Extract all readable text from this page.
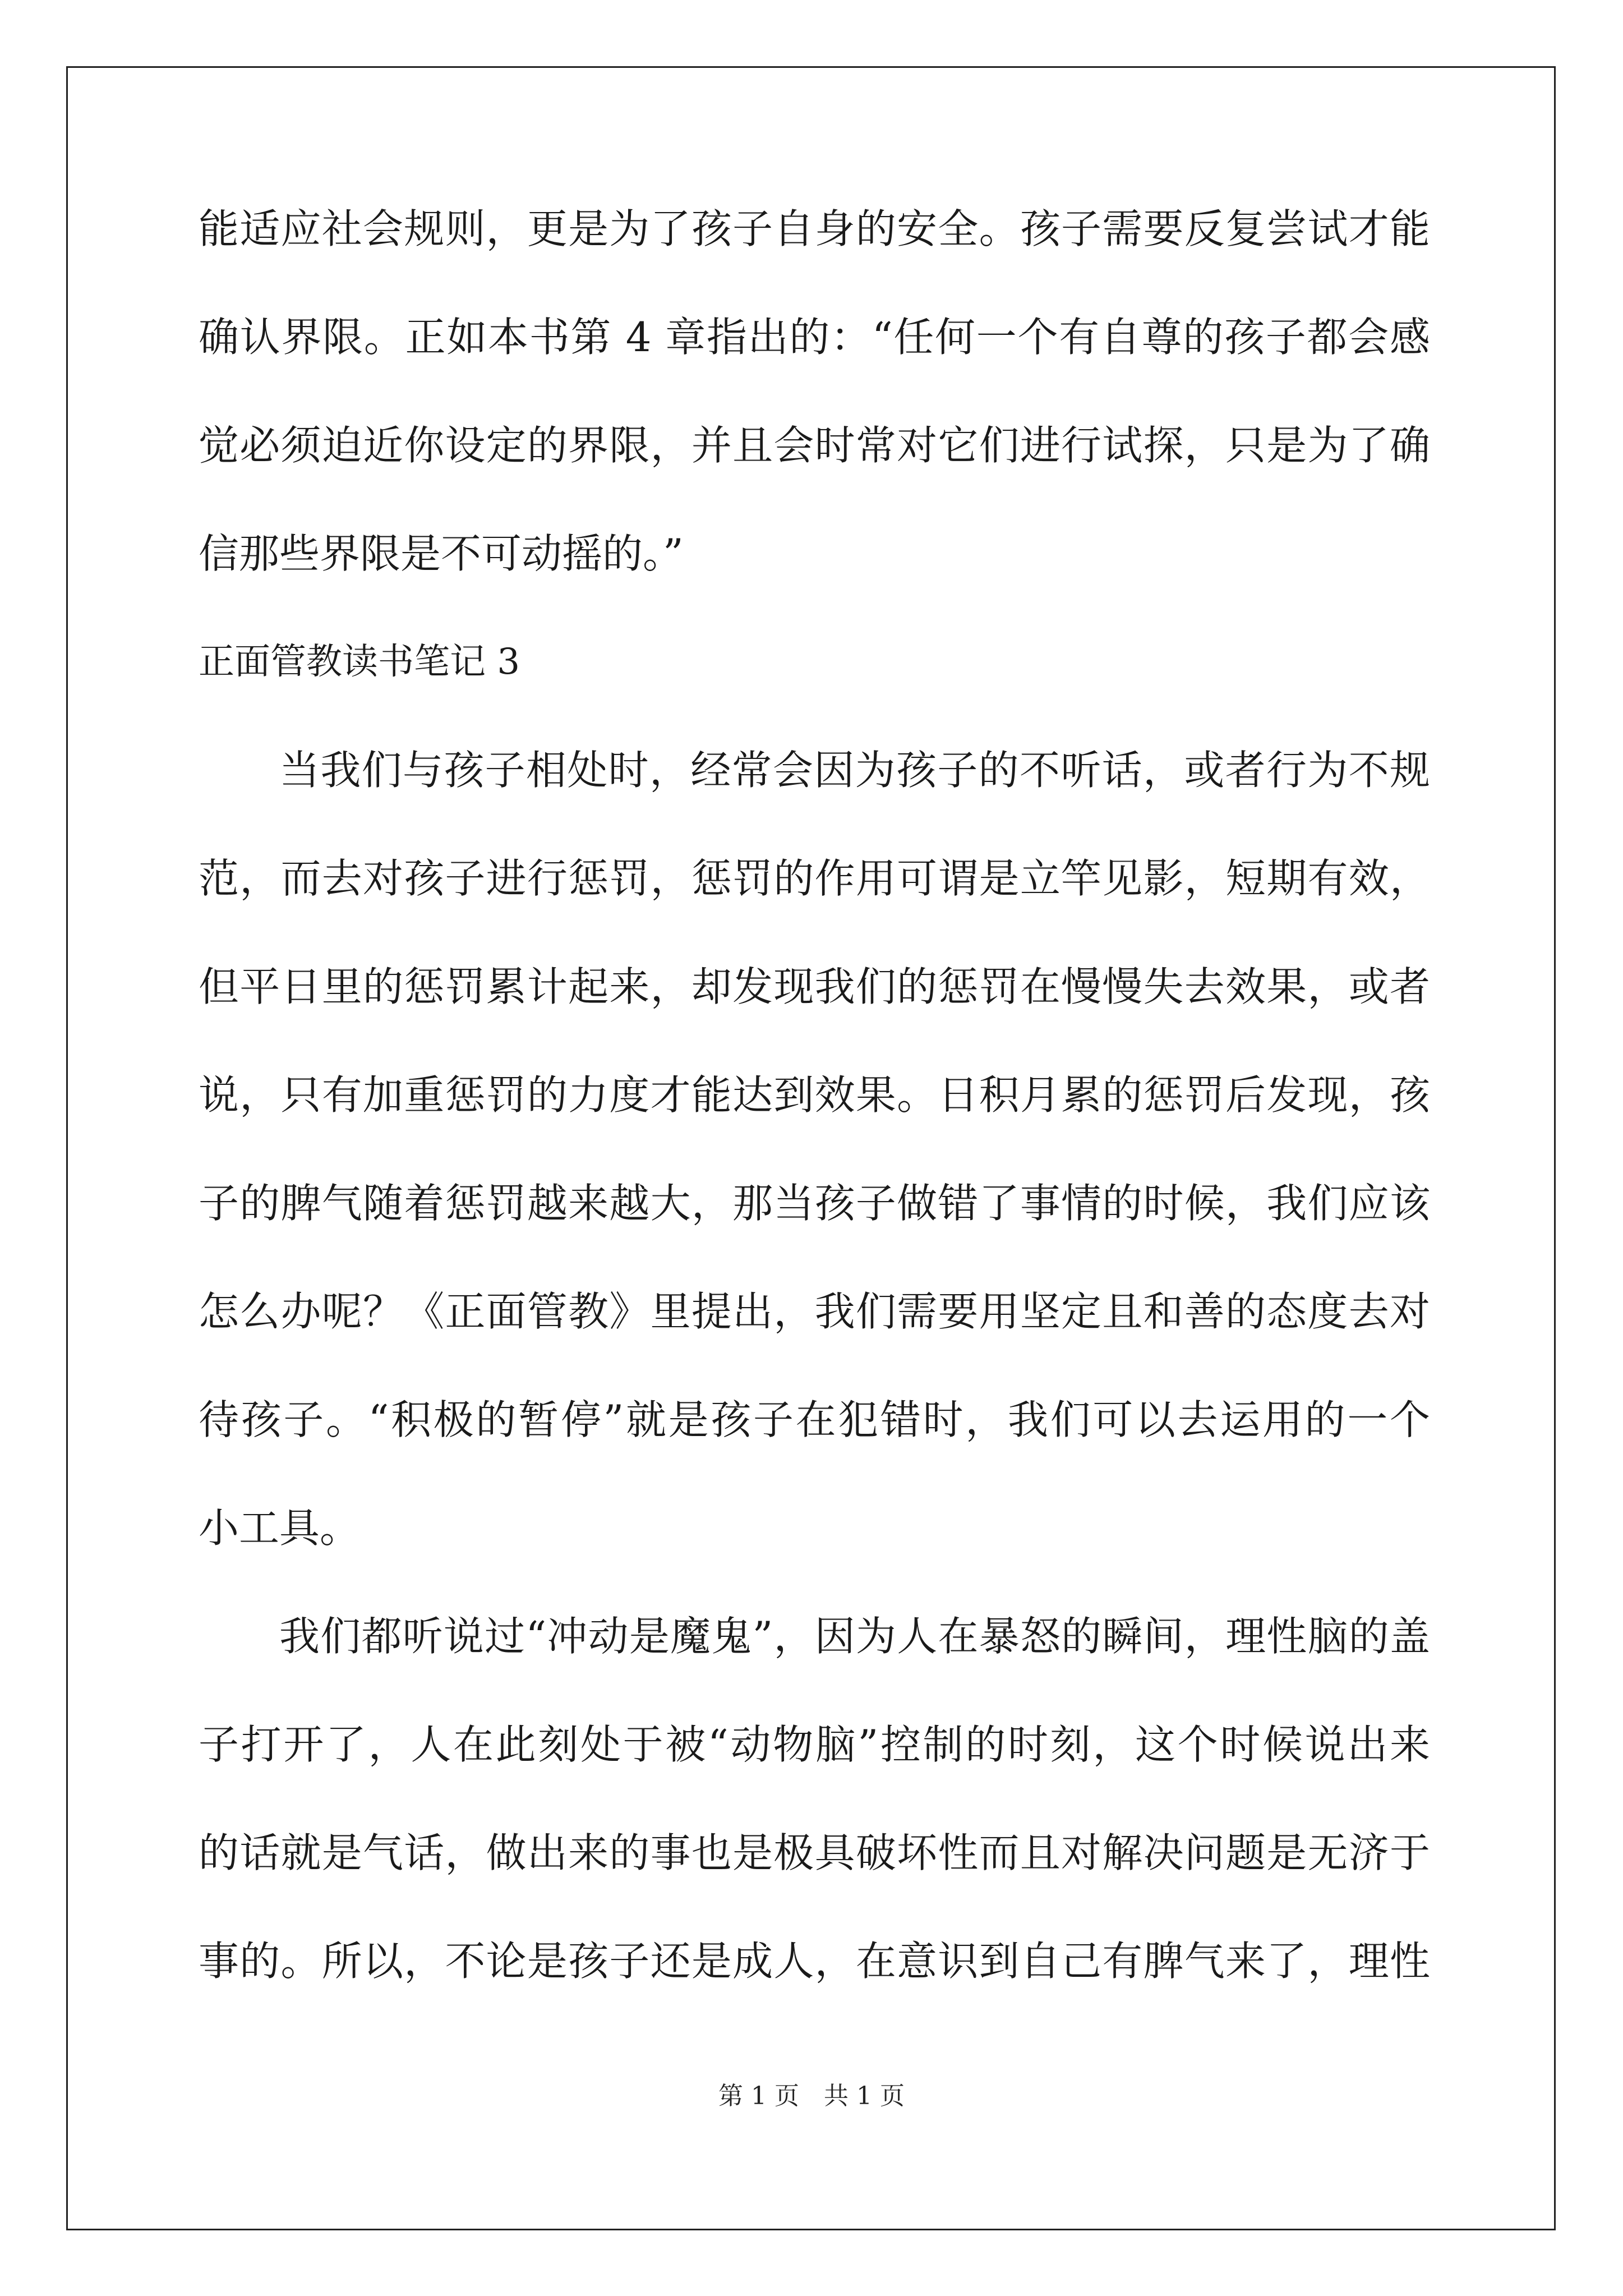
能适应社会规则，更是为了孩子自身的安全。孩子需要反复尝试才能
确认界限。正如本书第 4 章指出的：“任何一个有自尊的孩子都会感
觉必须迫近你设定的界限，并且会时常对它们进行试探，只是为了确
信那些界限是不可动摇的。”
正面管教读书笔记 3
当我们与孩子相处时，经常会因为孩子的不听话，或者行为不规
范，而去对孩子进行惩罚，惩罚的作用可谓是立竿见影，短期有效，
但平日里的惩罚累计起来，却发现我们的惩罚在慢慢失去效果，或者
说，只有加重惩罚的力度才能达到效果。日积月累的惩罚后发现，孩
子的脾气随着惩罚越来越大，那当孩子做错了事情的时候，我们应该
怎么办呢？《正面管教》里提出，我们需要用坚定且和善的态度去对
待孩子。“积极的暂停”就是孩子在犯错时，我们可以去运用的一个
小工具。
我们都听说过“冲动是魔鬼”，因为人在暴怒的瞬间，理性脑的盖
子打开了，人在此刻处于被“动物脑”控制的时刻，这个时候说出来
的话就是气话，做出来的事也是极具破坏性而且对解决问题是无济于
事的。所以，不论是孩子还是成人，在意识到自己有脾气来了，理性
第 1 页　共 1 页
